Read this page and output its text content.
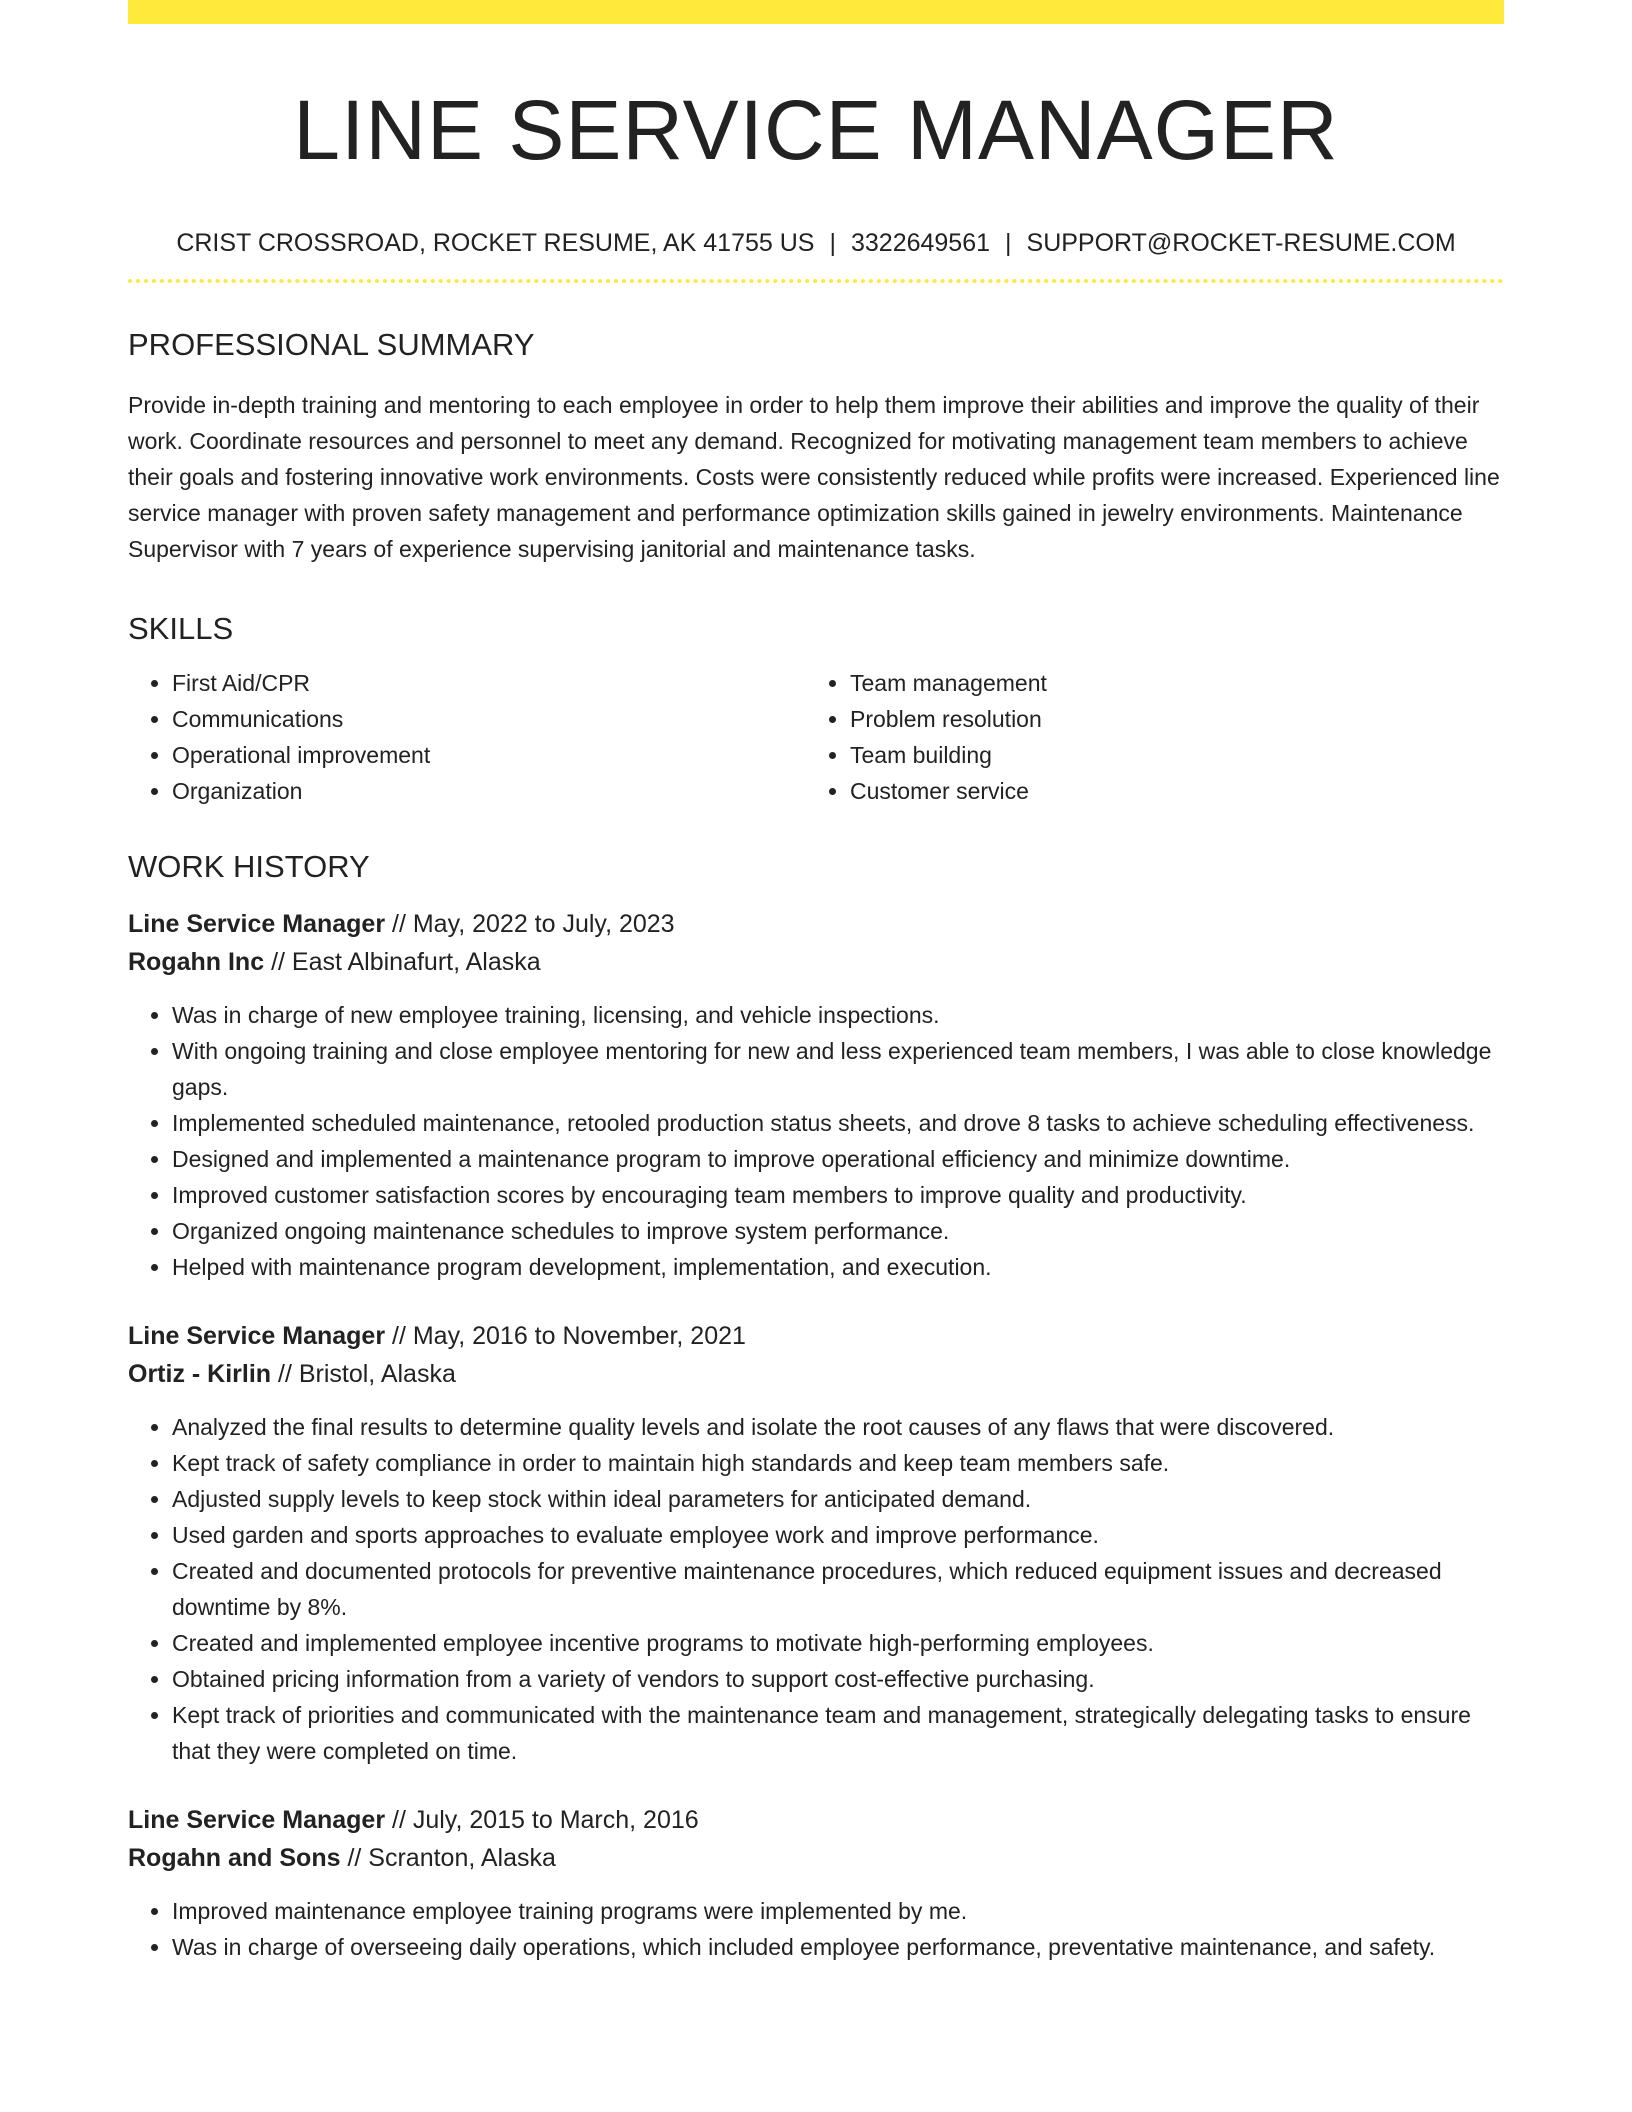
LINE SERVICE MANAGER
CRIST CROSSROAD, ROCKET RESUME, AK 41755 US | 3322649561 | SUPPORT@ROCKET-RESUME.COM
PROFESSIONAL SUMMARY

Provide in-depth training and mentoring to each employee in order to help them improve their abilities and improve the quality of their work. Coordinate resources and personnel to meet any demand. Recognized for motivating management team members to achieve their goals and fostering innovative work environments. Costs were consistently reduced while profits were increased. Experienced line service manager with proven safety management and performance optimization skills gained in jewelry environments. Maintenance Supervisor with 7 years of experience supervising janitorial and maintenance tasks.

SKILLS
• First Aid/CPR
• Communications
• Operational improvement
• Organization
• Team management
• Problem resolution
• Team building
• Customer service
WORK HISTORY
Line Service Manager // May, 2022 to July, 2023
Rogahn Inc // East Albinafurt, Alaska
• Was in charge of new employee training, licensing, and vehicle inspections.
• With ongoing training and close employee mentoring for new and less experienced team members, I was able to close knowledge gaps.
• Implemented scheduled maintenance, retooled production status sheets, and drove 8 tasks to achieve scheduling effectiveness.
• Designed and implemented a maintenance program to improve operational efficiency and minimize downtime.
• Improved customer satisfaction scores by encouraging team members to improve quality and productivity.
• Organized ongoing maintenance schedules to improve system performance.
• Helped with maintenance program development, implementation, and execution.
Line Service Manager // May, 2016 to November, 2021
Ortiz - Kirlin // Bristol, Alaska
• Analyzed the final results to determine quality levels and isolate the root causes of any flaws that were discovered.
• Kept track of safety compliance in order to maintain high standards and keep team members safe.
• Adjusted supply levels to keep stock within ideal parameters for anticipated demand.
• Used garden and sports approaches to evaluate employee work and improve performance.
• Created and documented protocols for preventive maintenance procedures, which reduced equipment issues and decreased downtime by 8%.
• Created and implemented employee incentive programs to motivate high-performing employees.
• Obtained pricing information from a variety of vendors to support cost-effective purchasing.
• Kept track of priorities and communicated with the maintenance team and management, strategically delegating tasks to ensure that they were completed on time.
Line Service Manager // July, 2015 to March, 2016
Rogahn and Sons // Scranton, Alaska
• Improved maintenance employee training programs were implemented by me.
• Was in charge of overseeing daily operations, which included employee performance, preventative maintenance, and safety.
